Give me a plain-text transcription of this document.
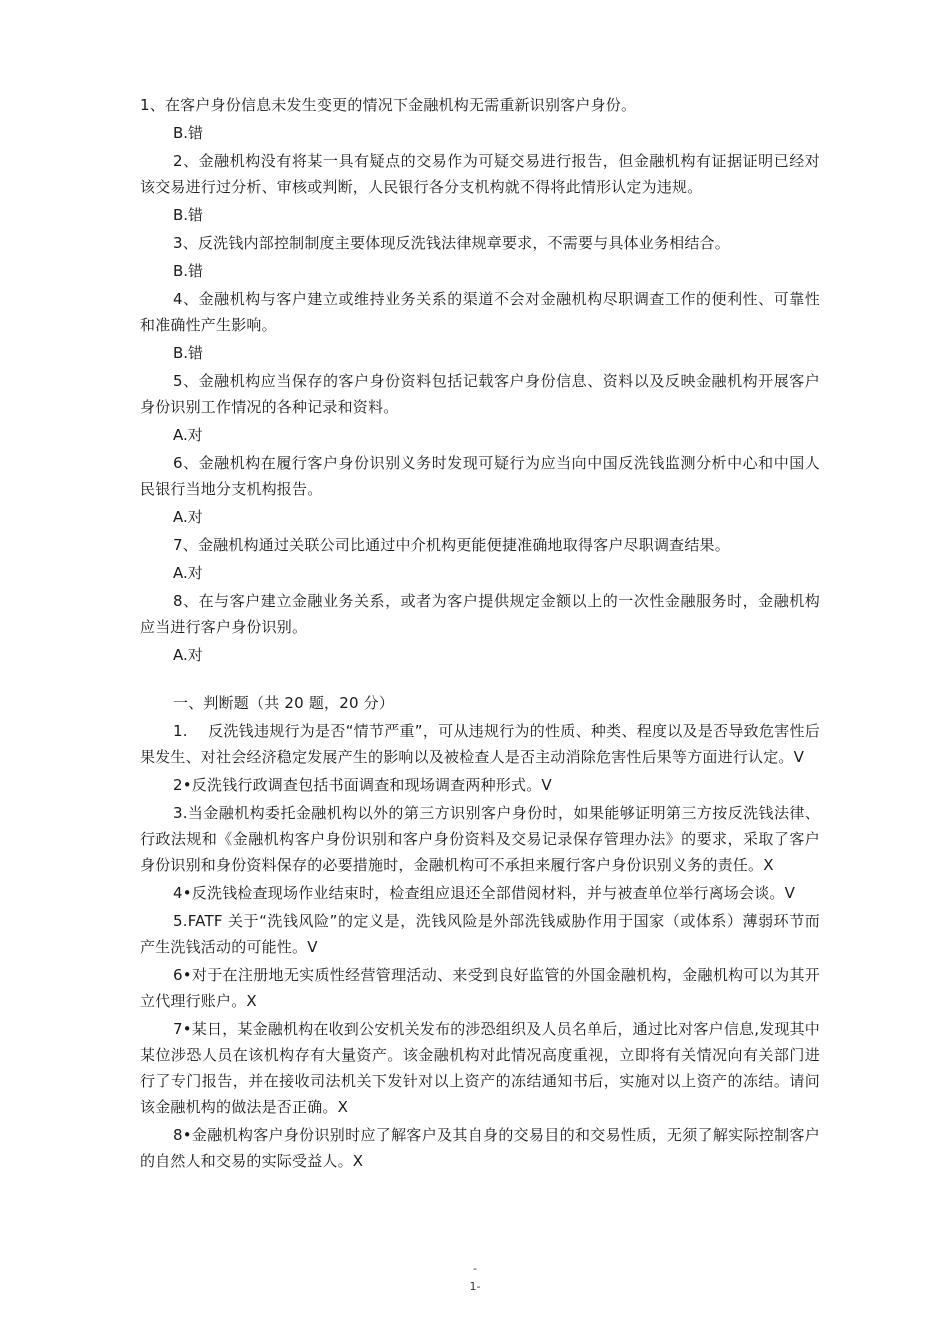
1、在客户身份信息未发生变更的情况下金融机构无需重新识别客户身份。

B.错

2、金融机构没有将某一具有疑点的交易作为可疑交易进行报告，但金融机构有证据证明已经对该交易进行过分析、审核或判断，人民银行各分支机构就不得将此情形认定为违规。

B.错

3、反洗钱内部控制制度主要体现反洗钱法律规章要求，不需要与具体业务相结合。

B.错

4、金融机构与客户建立或维持业务关系的渠道不会对金融机构尽职调查工作的便利性、可靠性和准确性产生影响。

B.错

5、金融机构应当保存的客户身份资料包括记载客户身份信息、资料以及反映金融机构开展客户身份识别工作情况的各种记录和资料。

A.对

6、金融机构在履行客户身份识别义务时发现可疑行为应当向中国反洗钱监测分析中心和中国人民银行当地分支机构报告。

A.对

7、金融机构通过关联公司比通过中介机构更能便捷准确地取得客户尽职调查结果。

A.对

8、在与客户建立金融业务关系，或者为客户提供规定金额以上的一次性金融服务时，金融机构应当进行客户身份识别。

A.对

一、判断题（共 20 题，20 分）

1.　 反洗钱违规行为是否“情节严重”，可从违规行为的性质、种类、程度以及是否导致危害性后果发生、对社会经济稳定发展产生的影响以及被检查人是否主动消除危害性后果等方面进行认定。V

2•反洗钱行政调查包括书面调查和现场调查两种形式。V

3.当金融机构委托金融机构以外的第三方识别客户身份时，如果能够证明第三方按反洗钱法律、行政法规和《金融机构客户身份识别和客户身份资料及交易记录保存管理办法》的要求，采取了客户身份识别和身份资料保存的必要措施时，金融机构可不承担来履行客户身份识别义务的责任。X

4•反洗钱检查现场作业结束时，检查组应退还全部借阅材料，并与被查单位举行离场会谈。V

5.FATF 关于“洗钱风险”的定义是，洗钱风险是外部洗钱威胁作用于国家（或体系）薄弱环节而产生洗钱活动的可能性。V

6•对于在注册地无实质性经营管理活动、来受到良好监管的外国金融机构，金融机构可以为其开立代理行账户。X

7•某日，某金融机构在收到公安机关发布的涉恐组织及人员名单后，通过比对客户信息,发现其中某位涉恐人员在该机构存有大量资产。该金融机构对此情况高度重视，立即将有关情况向有关部门进行了专门报告，并在接收司法机关下发针对以上资产的冻结通知书后，实施对以上资产的冻结。请问该金融机构的做法是否正确。X

8•金融机构客户身份识别时应了解客户及其自身的交易目的和交易性质，无须了解实际控制客户的自然人和交易的实际受益人。X

-
1-
